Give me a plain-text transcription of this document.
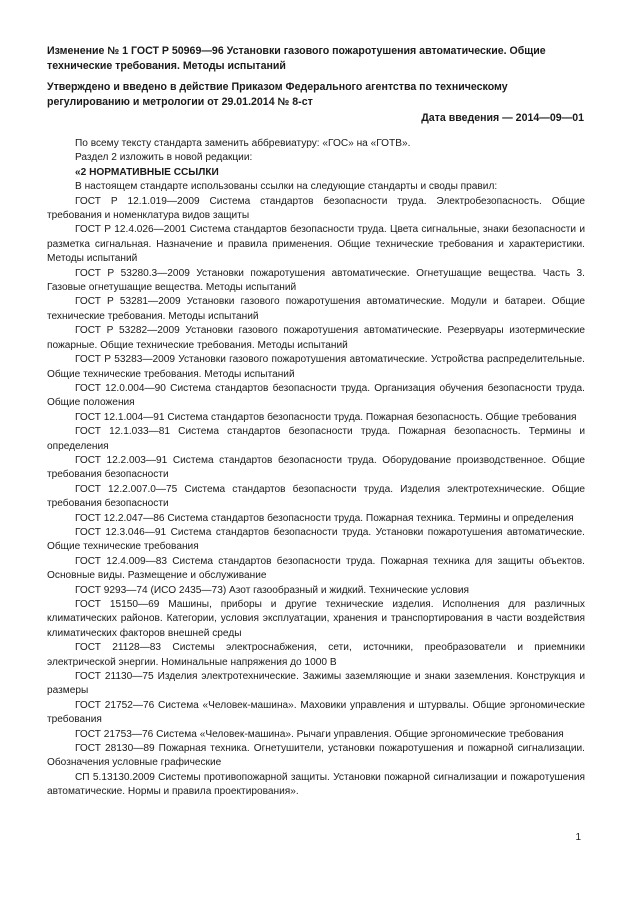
Изменение № 1 ГОСТ Р 50969—96 Установки газового пожаротушения автоматические. Общие технические требования. Методы испытаний
Утверждено и введено в действие Приказом Федерального агентства по техническому регулированию и метрологии от 29.01.2014 № 8-ст
Дата введения — 2014—09—01

По всему тексту стандарта заменить аббревиатуру: «ГОС» на «ГОТВ».

Раздел 2 изложить в новой редакции:

«2 НОРМАТИВНЫЕ ССЫЛКИ

В настоящем стандарте использованы ссылки на следующие стандарты и своды правил:

ГОСТ Р 12.1.019—2009 Система стандартов безопасности труда. Электробезопасность. Общие требования и номенклатура видов защиты

ГОСТ Р 12.4.026—2001 Система стандартов безопасности труда. Цвета сигнальные, знаки безопасности и разметка сигнальная. Назначение и правила применения. Общие технические требования и характеристики. Методы испытаний

ГОСТ Р 53280.3—2009 Установки пожаротушения автоматические. Огнетушащие вещества. Часть 3. Газовые огнетушащие вещества. Методы испытаний

ГОСТ Р 53281—2009 Установки газового пожаротушения автоматические. Модули и батареи. Общие технические требования. Методы испытаний

ГОСТ Р 53282—2009 Установки газового пожаротушения автоматические. Резервуары изотермические пожарные. Общие технические требования. Методы испытаний

ГОСТ Р 53283—2009 Установки газового пожаротушения автоматические. Устройства распределительные. Общие технические требования. Методы испытаний

ГОСТ 12.0.004—90 Система стандартов безопасности труда. Организация обучения безопасности труда. Общие положения

ГОСТ 12.1.004—91 Система стандартов безопасности труда. Пожарная безопасность. Общие требования

ГОСТ 12.1.033—81 Система стандартов безопасности труда. Пожарная безопасность. Термины и определения

ГОСТ 12.2.003—91 Система стандартов безопасности труда. Оборудование производственное. Общие требования безопасности

ГОСТ 12.2.007.0—75 Система стандартов безопасности труда. Изделия электротехнические. Общие требования безопасности

ГОСТ 12.2.047—86 Система стандартов безопасности труда. Пожарная техника. Термины и определения

ГОСТ 12.3.046—91 Система стандартов безопасности труда. Установки пожаротушения автоматические. Общие технические требования

ГОСТ 12.4.009—83 Система стандартов безопасности труда. Пожарная техника для защиты объектов. Основные виды. Размещение и обслуживание

ГОСТ 9293—74 (ИСО 2435—73) Азот газообразный и жидкий. Технические условия

ГОСТ 15150—69 Машины, приборы и другие технические изделия. Исполнения для различных климатических районов. Категории, условия эксплуатации, хранения и транспортирования в части воздействия климатических факторов внешней среды

ГОСТ 21128—83 Системы электроснабжения, сети, источники, преобразователи и приемники электрической энергии. Номинальные напряжения до 1000 В

ГОСТ 21130—75 Изделия электротехнические. Зажимы заземляющие и знаки заземления. Конструкция и размеры

ГОСТ 21752—76 Система «Человек-машина». Маховики управления и штурвалы. Общие эргономические требования

ГОСТ 21753—76 Система «Человек-машина». Рычаги управления. Общие эргономические требования

ГОСТ 28130—89 Пожарная техника. Огнетушители, установки пожаротушения и пожарной сигнализации. Обозначения условные графические

СП 5.13130.2009 Системы противопожарной защиты. Установки пожарной сигнализации и пожаротушения автоматические. Нормы и правила проектирования».

1
